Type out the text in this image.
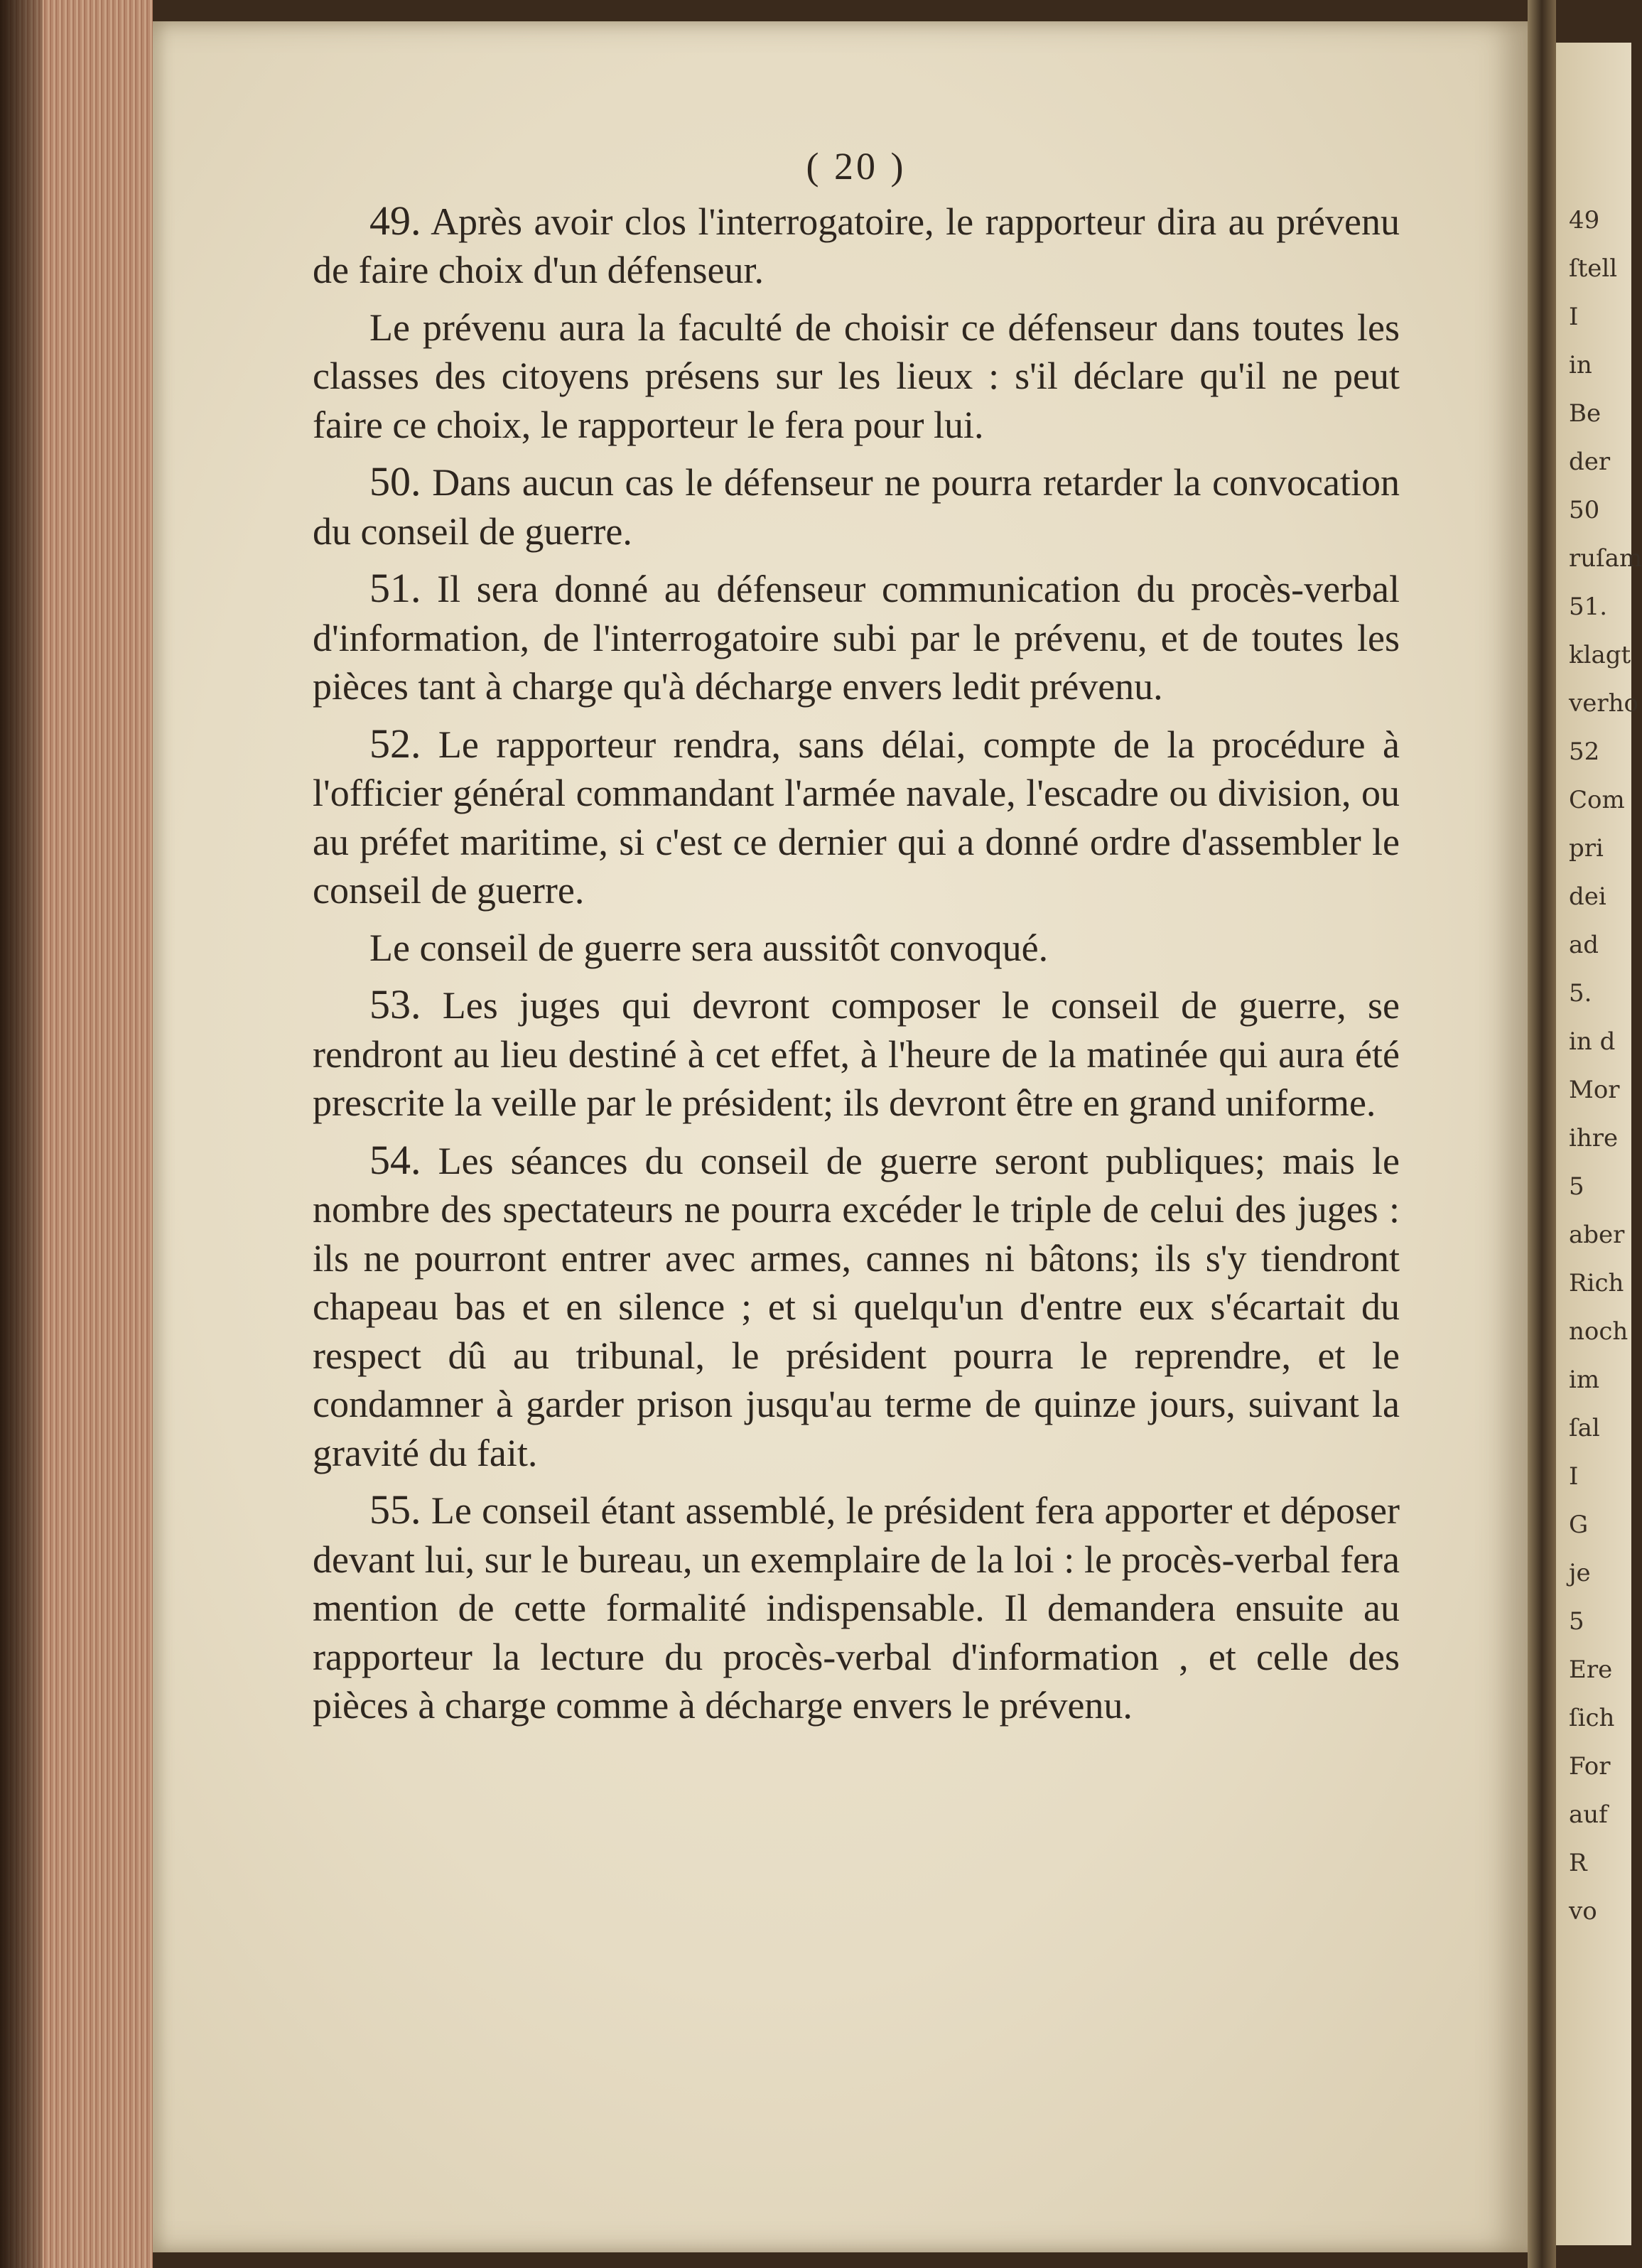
49
ſtell
I
in
Be
der
50
ruſam
51.
klagt
verho
52
Com
pri
dei
ad
5.
in d
Mor
ihre
5
aber
Rich
noch
im
ſal
I
G
je
5
Ere
ſich
For
auf
R
vo
( 20 )

49. Après avoir clos l'interrogatoire, le rapporteur dira au prévenu de faire choix d'un défenseur.

Le prévenu aura la faculté de choisir ce défenseur dans toutes les classes des citoyens présens sur les lieux : s'il déclare qu'il ne peut faire ce choix, le rapporteur le fera pour lui.

50. Dans aucun cas le défenseur ne pourra retarder la convocation du conseil de guerre.

51. Il sera donné au défenseur communication du procès-verbal d'information, de l'interrogatoire subi par le prévenu, et de toutes les pièces tant à charge qu'à décharge envers ledit prévenu.

52. Le rapporteur rendra, sans délai, compte de la procédure à l'officier général commandant l'armée navale, l'escadre ou division, ou au préfet maritime, si c'est ce dernier qui a donné ordre d'assembler le conseil de guerre.

Le conseil de guerre sera aussitôt convoqué.

53. Les juges qui devront composer le conseil de guerre, se rendront au lieu destiné à cet effet, à l'heure de la matinée qui aura été prescrite la veille par le président; ils devront être en grand uniforme.

54. Les séances du conseil de guerre seront publiques; mais le nombre des spectateurs ne pourra excéder le triple de celui des juges : ils ne pourront entrer avec armes, cannes ni bâtons; ils s'y tiendront chapeau bas et en silence ; et si quelqu'un d'entre eux s'écartait du respect dû au tribunal, le président pourra le reprendre, et le condamner à garder prison jusqu'au terme de quinze jours, suivant la gravité du fait.

55. Le conseil étant assemblé, le président fera apporter et déposer devant lui, sur le bureau, un exemplaire de la loi : le procès-verbal fera mention de cette formalité indispensable. Il demandera ensuite au rapporteur la lecture du procès-verbal d'information , et celle des pièces à charge comme à décharge envers le prévenu.
